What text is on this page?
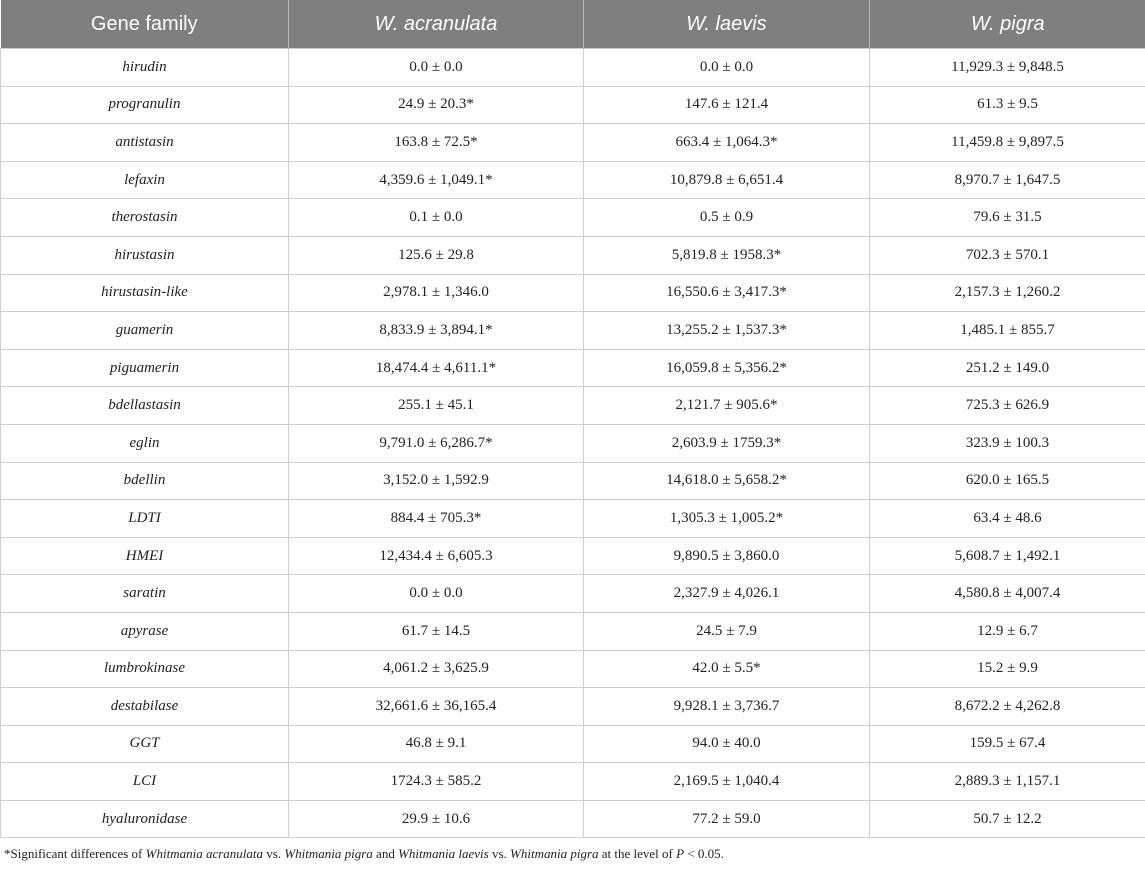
Gene family	W. acranulata	W. laevis	W. pigra
hirudin	0.0 ± 0.0	0.0 ± 0.0	11,929.3 ± 9,848.5
progranulin	24.9 ± 20.3*	147.6 ± 121.4	61.3 ± 9.5
antistasin	163.8 ± 72.5*	663.4 ± 1,064.3*	11,459.8 ± 9,897.5
lefaxin	4,359.6 ± 1,049.1*	10,879.8 ± 6,651.4	8,970.7 ± 1,647.5
therostasin	0.1 ± 0.0	0.5 ± 0.9	79.6 ± 31.5
hirustasin	125.6 ± 29.8	5,819.8 ± 1958.3*	702.3 ± 570.1
hirustasin-like	2,978.1 ± 1,346.0	16,550.6 ± 3,417.3*	2,157.3 ± 1,260.2
guamerin	8,833.9 ± 3,894.1*	13,255.2 ± 1,537.3*	1,485.1 ± 855.7
piguamerin	18,474.4 ± 4,611.1*	16,059.8 ± 5,356.2*	251.2 ± 149.0
bdellastasin	255.1 ± 45.1	2,121.7 ± 905.6*	725.3 ± 626.9
eglin	9,791.0 ± 6,286.7*	2,603.9 ± 1759.3*	323.9 ± 100.3
bdellin	3,152.0 ± 1,592.9	14,618.0 ± 5,658.2*	620.0 ± 165.5
LDTI	884.4 ± 705.3*	1,305.3 ± 1,005.2*	63.4 ± 48.6
HMEI	12,434.4 ± 6,605.3	9,890.5 ± 3,860.0	5,608.7 ± 1,492.1
saratin	0.0 ± 0.0	2,327.9 ± 4,026.1	4,580.8 ± 4,007.4
apyrase	61.7 ± 14.5	24.5 ± 7.9	12.9 ± 6.7
lumbrokinase	4,061.2 ± 3,625.9	42.0 ± 5.5*	15.2 ± 9.9
destabilase	32,661.6 ± 36,165.4	9,928.1 ± 3,736.7	8,672.2 ± 4,262.8
GGT	46.8 ± 9.1	94.0 ± 40.0	159.5 ± 67.4
LCI	1724.3 ± 585.2	2,169.5 ± 1,040.4	2,889.3 ± 1,157.1
hyaluronidase	29.9 ± 10.6	77.2 ± 59.0	50.7 ± 12.2
*Significant differences of Whitmania acranulata vs. Whitmania pigra and Whitmania laevis vs. Whitmania pigra at the level of P < 0.05.
